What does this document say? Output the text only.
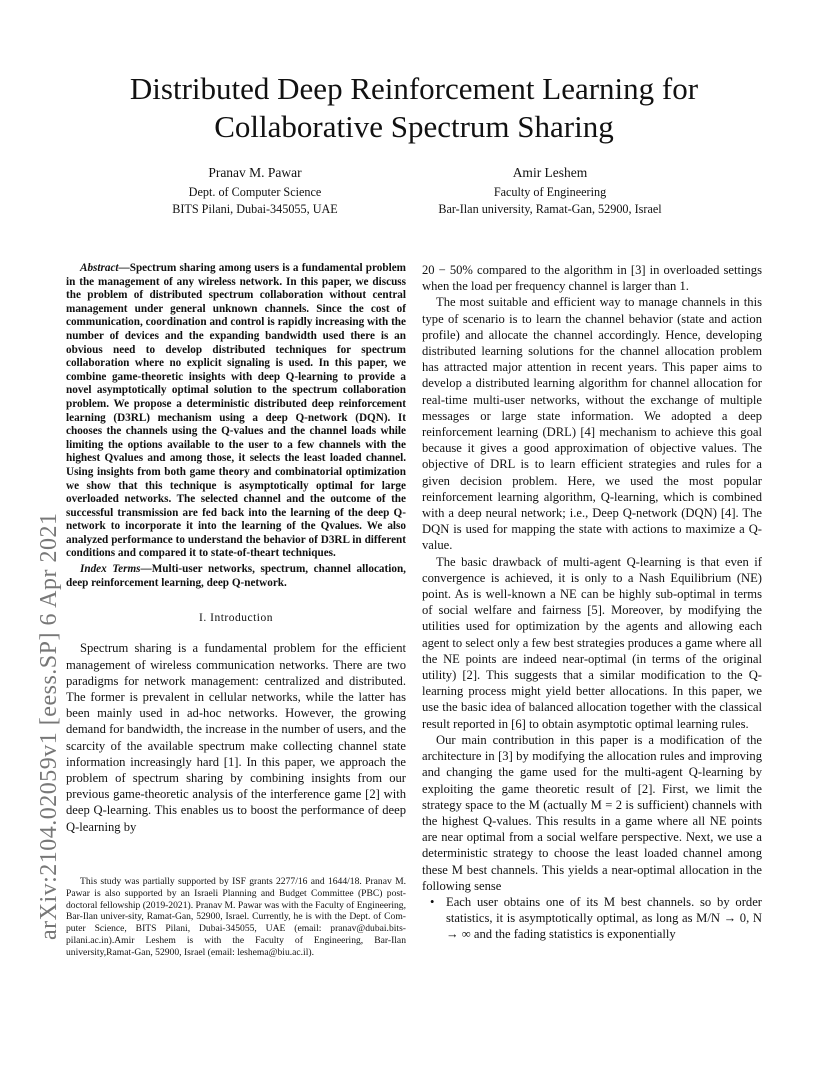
arXiv:2104.02059v1 [eess.SP] 6 Apr 2021
Distributed Deep Reinforcement Learning for Collaborative Spectrum Sharing
Pranav M. Pawar
Dept. of Computer Science
BITS Pilani, Dubai-345055, UAE
Amir Leshem
Faculty of Engineering
Bar-Ilan university, Ramat-Gan, 52900, Israel

Abstract—Spectrum sharing among users is a fundamental problem in the management of any wireless network. In this paper, we discuss the problem of distributed spectrum collaboration without central management under general unknown channels. Since the cost of communication, coordination and control is rapidly increasing with the number of devices and the expanding bandwidth used there is an obvious need to develop distributed techniques for spectrum collaboration where no explicit signaling is used. In this paper, we combine game-theoretic insights with deep Q-learning to provide a novel asymptotically optimal solution to the spectrum collaboration problem. We propose a deterministic distributed deep reinforcement learning (D3RL) mechanism using a deep Q-network (DQN). It chooses the channels using the Q-values and the channel loads while limiting the options available to the user to a few channels with the highest Qvalues and among those, it selects the least loaded channel. Using insights from both game theory and combinatorial optimization we show that this technique is asymptotically optimal for large overloaded networks. The selected channel and the outcome of the successful transmission are fed back into the learning of the deep Q-network to incorporate it into the learning of the Qvalues. We also analyzed performance to understand the behavior of D3RL in different conditions and compared it to state-of-theart techniques.

Index Terms—Multi-user networks, spectrum, channel allocation, deep reinforcement learning, deep Q-network.

I. Introduction

Spectrum sharing is a fundamental problem for the efficient management of wireless communication networks. There are two paradigms for network management: centralized and distributed. The former is prevalent in cellular networks, while the latter has been mainly used in ad-hoc networks. However, the growing demand for bandwidth, the increase in the number of users, and the scarcity of the available spectrum make collecting channel state information increasingly hard [1]. In this paper, we approach the problem of spectrum sharing by combining insights from our previous game-theoretic analysis of the interference game [2] with deep Q-learning. This enables us to boost the performance of deep Q-learning by

This study was partially supported by ISF grants 2277/16 and 1644/18. Pranav M. Pawar is also supported by an Israeli Planning and Budget Committee (PBC) post-doctoral fellowship (2019-2021). Pranav M. Pawar was with the Faculty of Engineering, Bar-Ilan univer-sity, Ramat-Gan, 52900, Israel. Currently, he is with the Dept. of Com-puter Science, BITS Pilani, Dubai-345055, UAE (email: pranav@dubai.bits-pilani.ac.in).Amir Leshem is with the Faculty of Engineering, Bar-Ilan university,Ramat-Gan, 52900, Israel (email: leshema@biu.ac.il).

20 − 50% compared to the algorithm in [3] in overloaded settings when the load per frequency channel is larger than 1.

The most suitable and efficient way to manage channels in this type of scenario is to learn the channel behavior (state and action profile) and allocate the channel accordingly. Hence, developing distributed learning solutions for the channel allocation problem has attracted major attention in recent years. This paper aims to develop a distributed learning algorithm for channel allocation for real-time multi-user networks, without the exchange of multiple messages or large state information. We adopted a deep reinforcement learning (DRL) [4] mechanism to achieve this goal because it gives a good approximation of objective values. The objective of DRL is to learn efficient strategies and rules for a given decision problem. Here, we used the most popular reinforcement learning algorithm, Q-learning, which is combined with a deep neural network; i.e., Deep Q-network (DQN) [4]. The DQN is used for mapping the state with actions to maximize a Q-value.

The basic drawback of multi-agent Q-learning is that even if convergence is achieved, it is only to a Nash Equilibrium (NE) point. As is well-known a NE can be highly sub-optimal in terms of social welfare and fairness [5]. Moreover, by modifying the utilities used for optimization by the agents and allowing each agent to select only a few best strategies produces a game where all the NE points are indeed near-optimal (in terms of the original utility) [2]. This suggests that a similar modification to the Q-learning process might yield better allocations. In this paper, we use the basic idea of balanced allocation together with the classical result reported in [6] to obtain asymptotic optimal learning rules.

Our main contribution in this paper is a modification of the architecture in [3] by modifying the allocation rules and improving and changing the game used for the multi-agent Q-learning by exploiting the game theoretic result of [2]. First, we limit the strategy space to the M (actually M = 2 is sufficient) channels with the highest Q-values. This results in a game where all NE points are near optimal from a social welfare perspective. Next, we use a deterministic strategy to choose the least loaded channel among these M best channels. This yields a near-optimal allocation in the following sense

• Each user obtains one of its M best channels. so by order statistics, it is asymptotically optimal, as long as M/N → 0, N → ∞ and the fading statistics is exponentially
